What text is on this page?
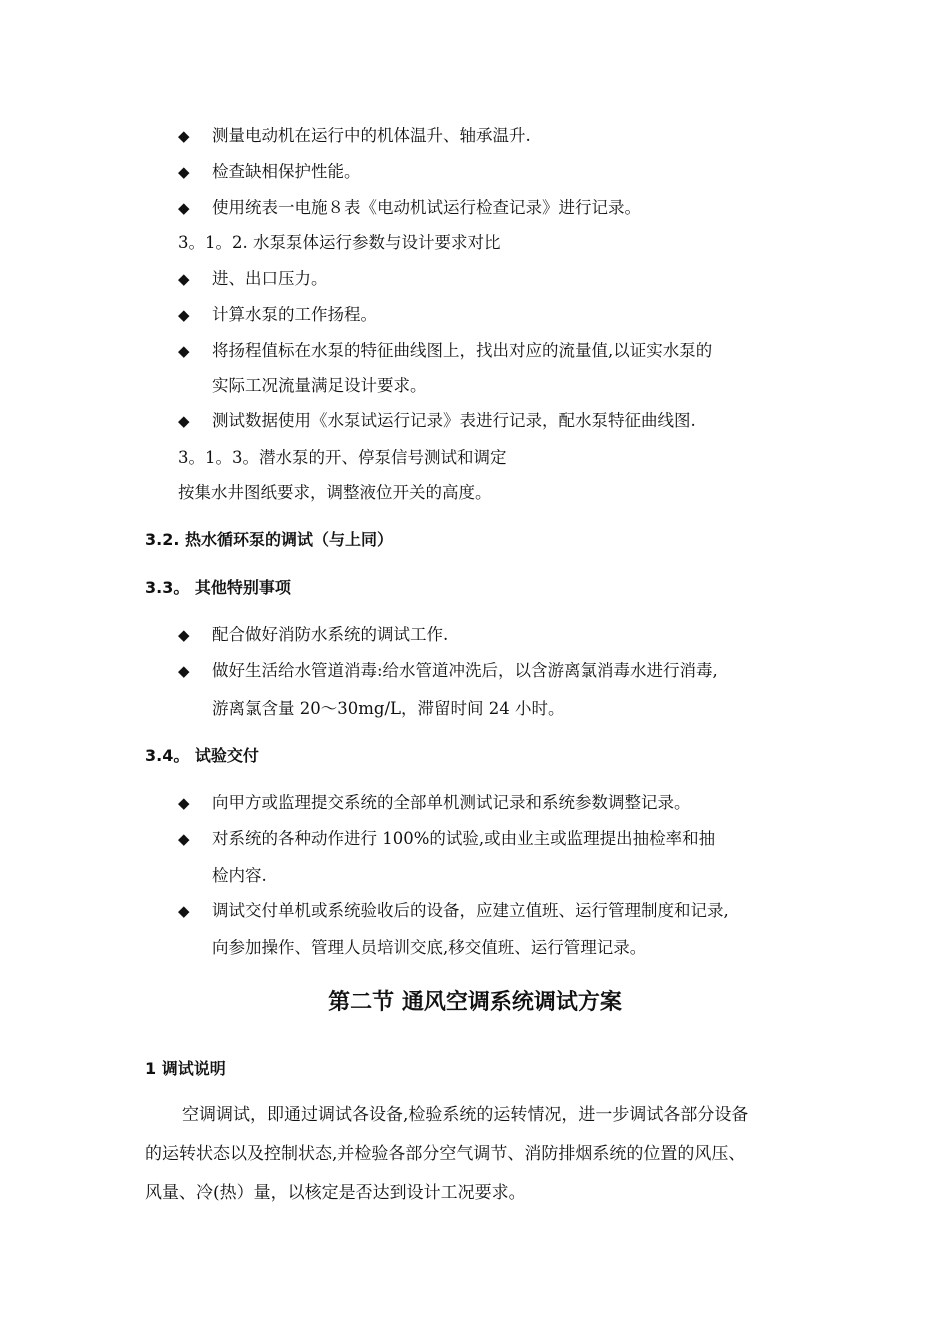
◆ 测量电动机在运行中的机体温升、轴承温升.
◆ 检查缺相保护性能。
◆ 使用统表一电施８表《电动机试运行检查记录》进行记录。
3。1。2. 水泵泵体运行参数与设计要求对比
◆ 进、出口压力。
◆ 计算水泵的工作扬程。
◆ 将扬程值标在水泵的特征曲线图上，找出对应的流量值,以证实水泵的
实际工况流量满足设计要求。
◆ 测试数据使用《水泵试运行记录》表进行记录，配水泵特征曲线图.
3。1。3。潜水泵的开、停泵信号测试和调定
按集水井图纸要求，调整液位开关的高度。
3.2. 热水循环泵的调试（与上同）
3.3。 其他特别事项
◆ 配合做好消防水系统的调试工作.
◆ 做好生活给水管道消毒:给水管道冲洗后，以含游离氯消毒水进行消毒,
游离氯含量 20～30mg/L，滞留时间 24 小时。
3.4。 试验交付
◆ 向甲方或监理提交系统的全部单机测试记录和系统参数调整记录。
◆ 对系统的各种动作进行 100%的试验,或由业主或监理提出抽检率和抽
检内容.
◆ 调试交付单机或系统验收后的设备，应建立值班、运行管理制度和记录,
向参加操作、管理人员培训交底,移交值班、运行管理记录。
第二节 通风空调系统调试方案
1 调试说明
空调调试，即通过调试各设备,检验系统的运转情况，进一步调试各部分设备
的运转状态以及控制状态,并检验各部分空气调节、消防排烟系统的位置的风压、
风量、冷(热）量，以核定是否达到设计工况要求。
